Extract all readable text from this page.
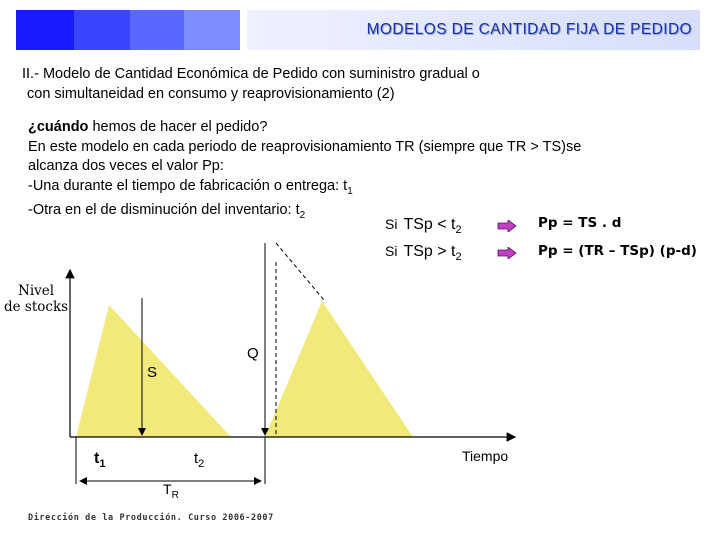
MODELOS DE CANTIDAD FIJA DE PEDIDO
II.- Modelo de Cantidad Económica de Pedido con suministro gradual o
con simultaneidad en consumo y reaprovisionamiento (2)
¿cuándo hemos de hacer el pedido?
En este modelo en cada periodo de reaprovisionamiento TR (siempre que TR > TS)se
alcanza dos veces el valor Pp:
-Una durante el tiempo de fabricación o entrega: $t_1$
-Otra en el de disminución del inventario: $t_2$
Si TSp < $t_2$
Si TSp > $t_2$
Pp = TS . d
Pp = (TR – TSp) (p-d)
Nivel
de stocks
Q
S
$t_1$	$t_2$
$T_R$
Tiempo
Dirección de la Producción. Curso 2006-2007
